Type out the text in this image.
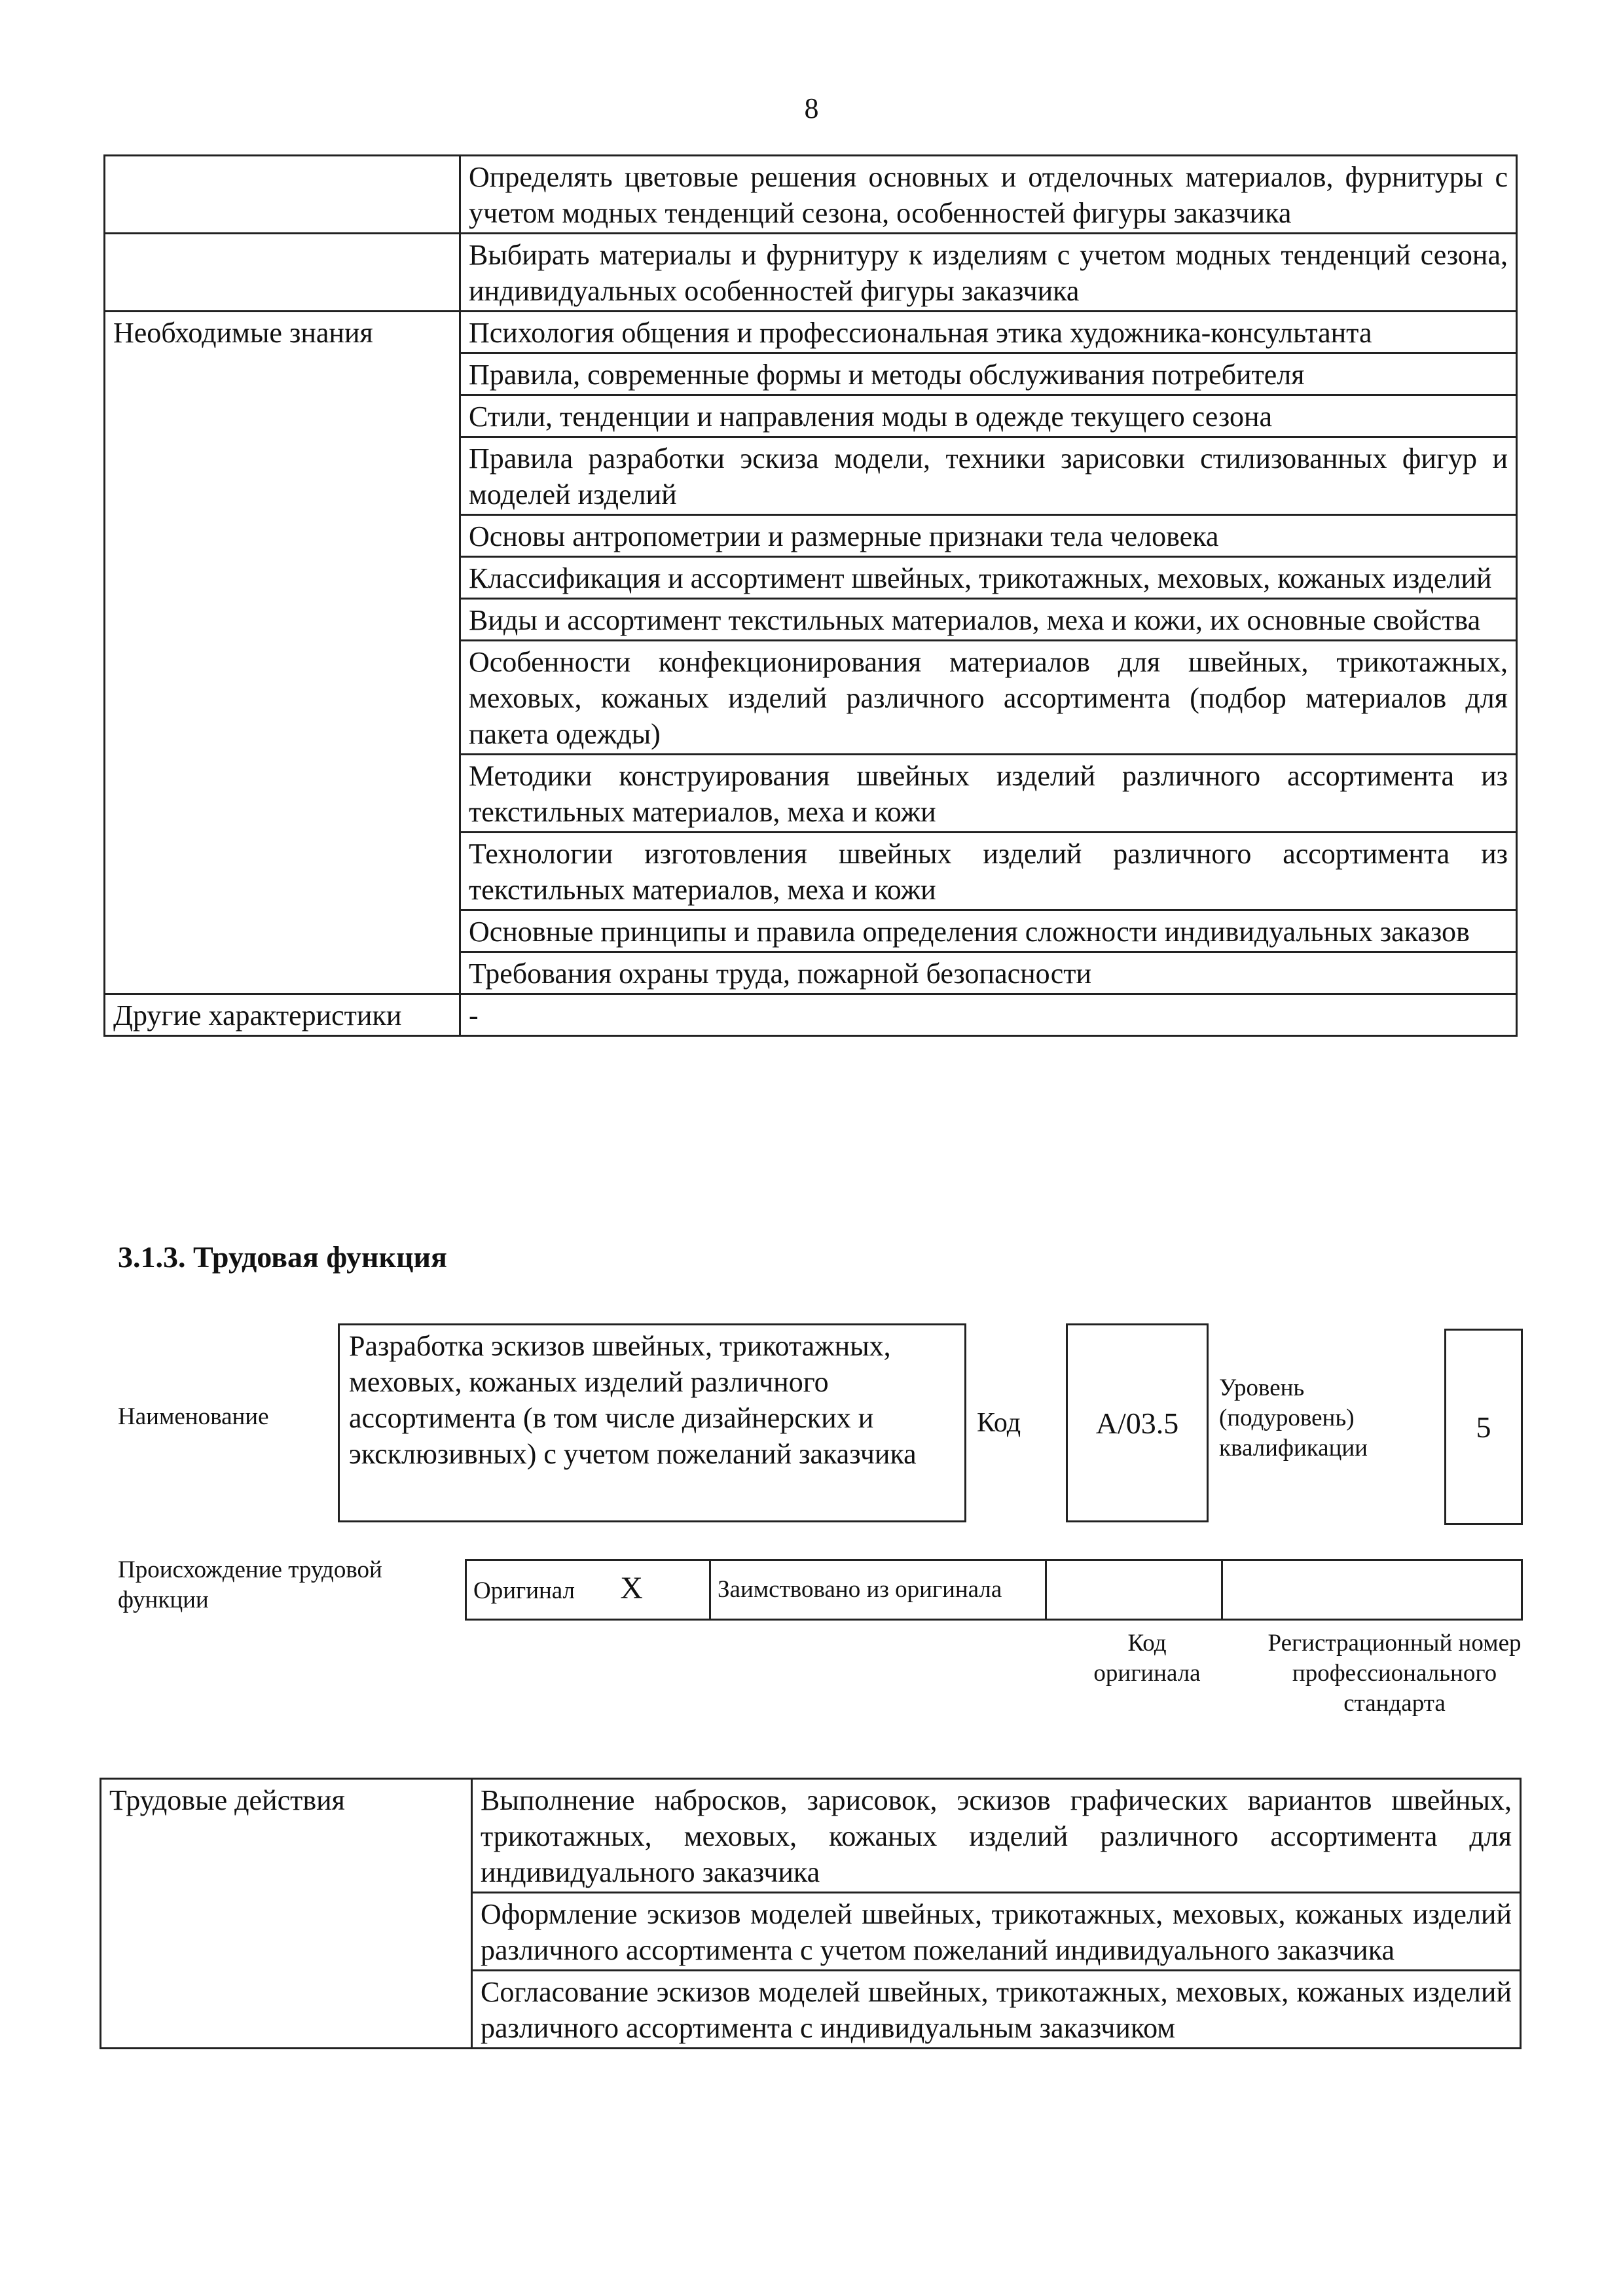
8
	Определять цветовые решения основных и отделочных материалов, фурнитуры с учетом модных тенденций сезона, особенностей фигуры заказчика
	Выбирать материалы и фурнитуру к изделиям с учетом модных тенденций сезона, индивидуальных особенностей фигуры заказчика
Необходимые знания	Психология общения и профессиональная этика художника-консультанта
	Правила, современные формы и методы обслуживания потребителя
	Стили, тенденции и направления моды в одежде текущего сезона
	Правила разработки эскиза модели, техники зарисовки стилизованных фигур и моделей изделий
	Основы антропометрии и размерные признаки тела человека
	Классификация и ассортимент швейных, трикотажных, меховых, кожаных изделий
	Виды и ассортимент текстильных материалов, меха и кожи, их основные свойства
	Особенности конфекционирования материалов для швейных, трикотажных, меховых, кожаных изделий различного ассортимента (подбор материалов для пакета одежды)
	Методики конструирования швейных изделий различного ассортимента из текстильных материалов, меха и кожи
	Технологии изготовления швейных изделий различного ассортимента из текстильных материалов, меха и кожи
	Основные принципы и правила определения сложности индивидуальных заказов
	Требования охраны труда, пожарной безопасности
Другие характеристики	-
3.1.3. Трудовая функция
Наименование
Разработка эскизов швейных, трикотажных, меховых, кожаных изделий различного ассортимента (в том числе дизайнерских и эксклюзивных) с учетом пожеланий заказчика
Код A/03.5
Уровень (подуровень) квалификации
5
Происхождение трудовой функции	Оригинал X	Заимствовано из оригинала		
Код оригинала
Регистрационный номер профессионального стандарта
Трудовые действия	Выполнение набросков, зарисовок, эскизов графических вариантов швейных, трикотажных, меховых, кожаных изделий различного ассортимента для индивидуального заказчика
Оформление эскизов моделей швейных, трикотажных, меховых, кожаных изделий различного ассортимента с учетом пожеланий индивидуального заказчика
Согласование эскизов моделей швейных, трикотажных, меховых, кожаных изделий различного ассортимента с индивидуальным заказчиком
